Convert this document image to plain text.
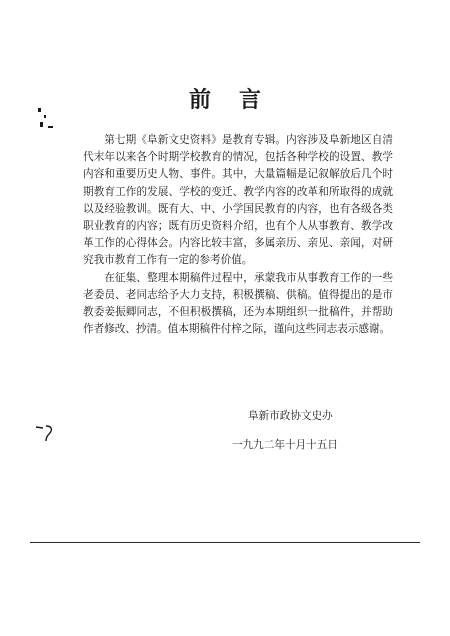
前言

第七期《阜新文史资料》是教育专辑。内容涉及阜新地区自清代末年以来各个时期学校教育的情况，包括各种学校的设置、教学内容和重要历史人物、事件。其中，大量篇幅是记叙解放后几个时期教育工作的发展、学校的变迁、教学内容的改革和所取得的成就以及经验教训。既有大、中、小学国民教育的内容，也有各级各类职业教育的内容；既有历史资料介绍，也有个人从事教育、教学改革工作的心得体会。内容比较丰富，多属亲历、亲见、亲闻，对研究我市教育工作有一定的参考价值。

在征集、整理本期稿件过程中，承蒙我市从事教育工作的一些老委员、老同志给予大力支持，积极撰稿、供稿。值得提出的是市教委姜振卿同志，不但积极撰稿，还为本期组织一批稿件，并帮助作者修改、抄清。值本期稿件付梓之际，谨向这些同志表示感谢。

阜新市政协文史办
一九九二年十月十五日
